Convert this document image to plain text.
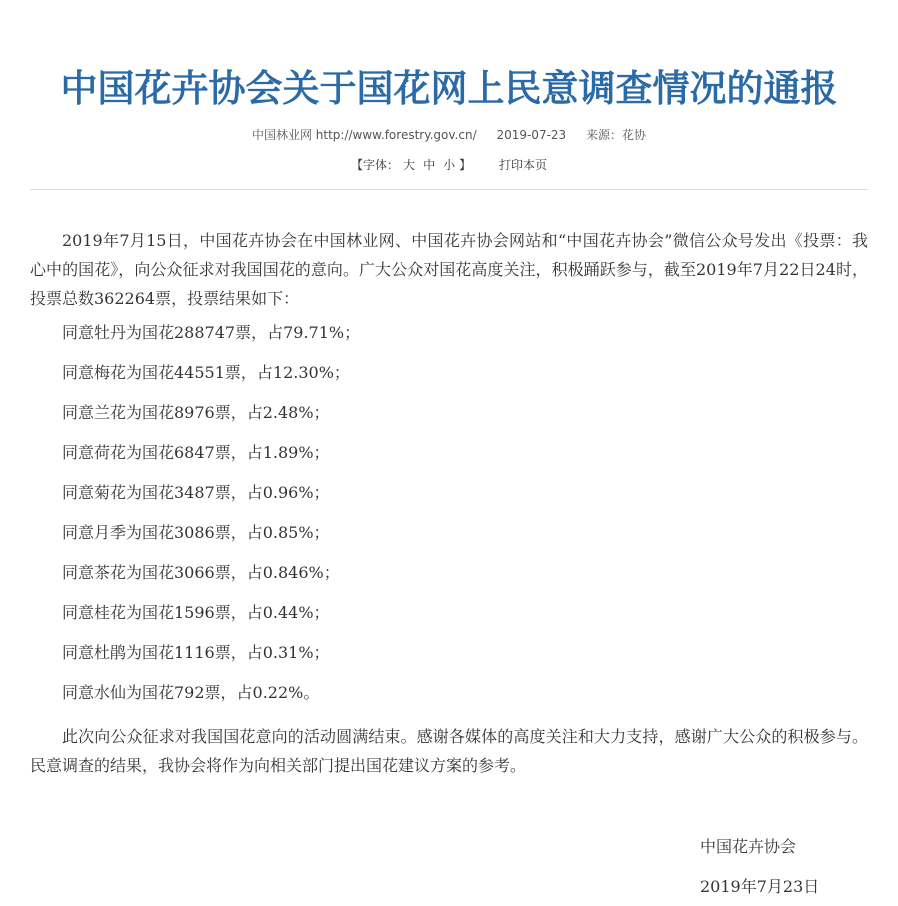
中国花卉协会关于国花网上民意调查情况的通报
中国林业网 http://www.forestry.gov.cn/ 2019-07-23 来源：花协
【字体： 大 中 小 】 打印本页

2019年7月15日，中国花卉协会在中国林业网、中国花卉协会网站和“中国花卉协会”微信公众号发出《投票：我心中的国花》，向公众征求对我国国花的意向。广大公众对国花高度关注，积极踊跃参与，截至2019年7月22日24时，投票总数362264票，投票结果如下：

同意牡丹为国花288747票，占79.71%；
同意梅花为国花44551票，占12.30%；
同意兰花为国花8976票，占2.48%；
同意荷花为国花6847票，占1.89%；
同意菊花为国花3487票，占0.96%；
同意月季为国花3086票，占0.85%；
同意茶花为国花3066票，占0.846%；
同意桂花为国花1596票，占0.44%；
同意杜鹃为国花1116票，占0.31%；
同意水仙为国花792票，占0.22%。

此次向公众征求对我国国花意向的活动圆满结束。感谢各媒体的高度关注和大力支持，感谢广大公众的积极参与。民意调查的结果，我协会将作为向相关部门提出国花建议方案的参考。

中国花卉协会
2019年7月23日
